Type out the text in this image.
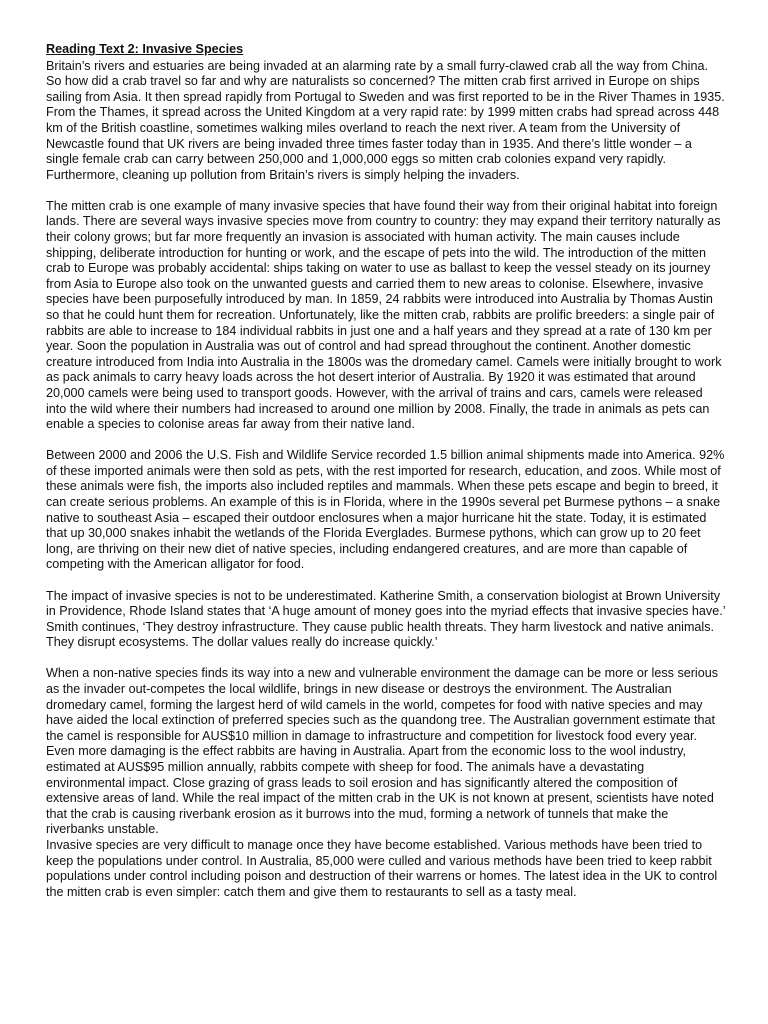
Reading Text 2: Invasive Species

Britain’s rivers and estuaries are being invaded at an alarming rate by a small furry-clawed crab all the way from China. So how did a crab travel so far and why are naturalists so concerned? The mitten crab first arrived in Europe on ships sailing from Asia. It then spread rapidly from Portugal to Sweden and was first reported to be in the River Thames in 1935. From the Thames, it spread across the United Kingdom at a very rapid rate: by 1999 mitten crabs had spread across 448 km of the British coastline, sometimes walking miles overland to reach the next river. A team from the University of Newcastle found that UK rivers are being invaded three times faster today than in 1935. And there’s little wonder – a single female crab can carry between 250,000 and 1,000,000 eggs so mitten crab colonies expand very rapidly. Furthermore, cleaning up pollution from Britain’s rivers is simply helping the invaders.

The mitten crab is one example of many invasive species that have found their way from their original habitat into foreign lands. There are several ways invasive species move from country to country: they may expand their territory naturally as their colony grows; but far more frequently an invasion is associated with human activity. The main causes include shipping, deliberate introduction for hunting or work, and the escape of pets into the wild. The introduction of the mitten crab to Europe was probably accidental: ships taking on water to use as ballast to keep the vessel steady on its journey from Asia to Europe also took on the unwanted guests and carried them to new areas to colonise. Elsewhere, invasive species have been purposefully introduced by man. In 1859, 24 rabbits were introduced into Australia by Thomas Austin so that he could hunt them for recreation. Unfortunately, like the mitten crab, rabbits are prolific breeders: a single pair of rabbits are able to increase to 184 individual rabbits in just one and a half years and they spread at a rate of 130 km per year. Soon the population in Australia was out of control and had spread throughout the continent. Another domestic creature introduced from India into Australia in the 1800s was the dromedary camel. Camels were initially brought to work as pack animals to carry heavy loads across the hot desert interior of Australia. By 1920 it was estimated that around 20,000 camels were being used to transport goods. However, with the arrival of trains and cars, camels were released into the wild where their numbers had increased to around one million by 2008. Finally, the trade in animals as pets can enable a species to colonise areas far away from their native land.

Between 2000 and 2006 the U.S. Fish and Wildlife Service recorded 1.5 billion animal shipments made into America. 92% of these imported animals were then sold as pets, with the rest imported for research, education, and zoos. While most of these animals were fish, the imports also included reptiles and mammals. When these pets escape and begin to breed, it can create serious problems. An example of this is in Florida, where in the 1990s several pet Burmese pythons – a snake native to southeast Asia – escaped their outdoor enclosures when a major hurricane hit the state. Today, it is estimated that up 30,000 snakes inhabit the wetlands of the Florida Everglades. Burmese pythons, which can grow up to 20 feet long, are thriving on their new diet of native species, including endangered creatures, and are more than capable of competing with the American alligator for food.

The impact of invasive species is not to be underestimated. Katherine Smith, a conservation biologist at Brown University in Providence, Rhode Island states that ‘A huge amount of money goes into the myriad effects that invasive species have.’ Smith continues, ‘They destroy infrastructure. They cause public health threats. They harm livestock and native animals. They disrupt ecosystems. The dollar values really do increase quickly.’

When a non-native species finds its way into a new and vulnerable environment the damage can be more or less serious as the invader out-competes the local wildlife, brings in new disease or destroys the environment. The Australian dromedary camel, forming the largest herd of wild camels in the world, competes for food with native species and may have aided the local extinction of preferred species such as the quandong tree. The Australian government estimate that the camel is responsible for AUS$10 million in damage to infrastructure and competition for livestock food every year. Even more damaging is the effect rabbits are having in Australia. Apart from the economic loss to the wool industry, estimated at AUS$95 million annually, rabbits compete with sheep for food. The animals have a devastating environmental impact. Close grazing of grass leads to soil erosion and has significantly altered the composition of extensive areas of land. While the real impact of the mitten crab in the UK is not known at present, scientists have noted that the crab is causing riverbank erosion as it burrows into the mud, forming a network of tunnels that make the riverbanks unstable.

Invasive species are very difficult to manage once they have become established. Various methods have been tried to keep the populations under control. In Australia, 85,000 were culled and various methods have been tried to keep rabbit populations under control including poison and destruction of their warrens or homes. The latest idea in the UK to control the mitten crab is even simpler: catch them and give them to restaurants to sell as a tasty meal.
